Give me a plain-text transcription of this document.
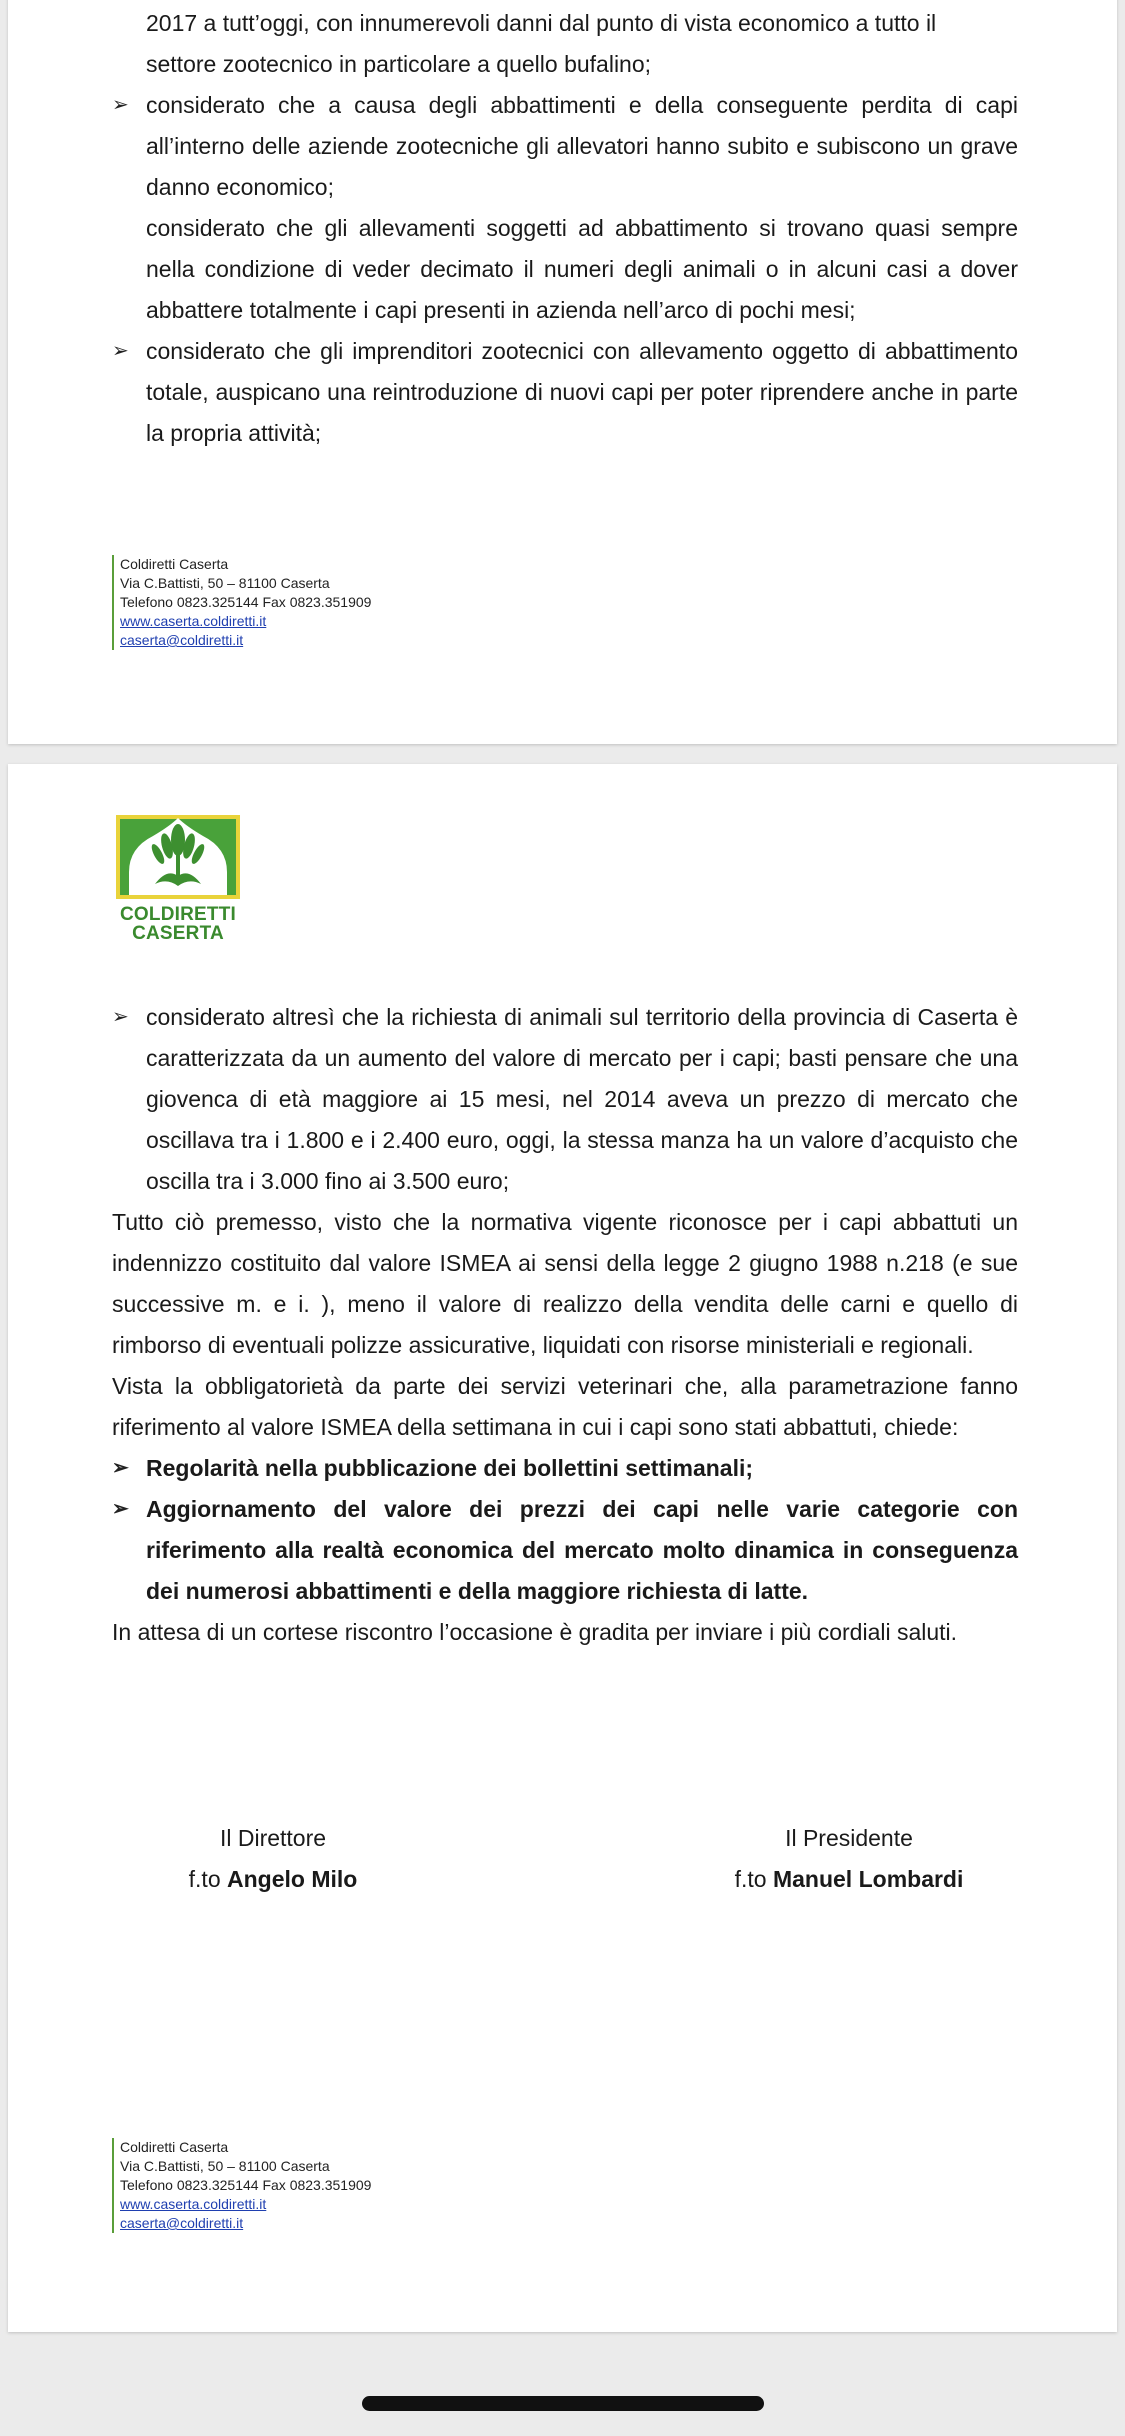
2017 a tutt’oggi, con innumerevoli danni dal punto di vista economico a tutto il
settore zootecnico in particolare a quello bufalino;

➢ considerato che a causa degli abbattimenti e della conseguente perdita di capi all’interno delle aziende zootecniche gli allevatori hanno subito e subiscono un grave danno economico;

considerato che gli allevamenti soggetti ad abbattimento si trovano quasi sempre nella condizione di veder decimato il numeri degli animali o in alcuni casi a dover abbattere totalmente i capi presenti in azienda nell’arco di pochi mesi;

➢ considerato che gli imprenditori zootecnici con allevamento oggetto di abbattimento totale, auspicano una reintroduzione di nuovi capi per poter riprendere anche in parte la propria attività;

Coldiretti Caserta
Via C.Battisti, 50 – 81100 Caserta
Telefono 0823.325144 Fax 0823.351909
www.caserta.coldiretti.it
caserta@coldiretti.it
COLDIRETTI
CASERTA

➢ considerato altresì che la richiesta di animali sul territorio della provincia di Caserta è caratterizzata da un aumento del valore di mercato per i capi; basti pensare che una giovenca di età maggiore ai 15 mesi, nel 2014 aveva un prezzo di mercato che oscillava tra i 1.800 e i 2.400 euro, oggi, la stessa manza ha un valore d’acquisto che oscilla tra i 3.000 fino ai 3.500 euro;

Tutto ciò premesso, visto che la normativa vigente riconosce per i capi abbattuti un indennizzo costituito dal valore ISMEA ai sensi della legge 2 giugno 1988 n.218 (e sue successive m. e i. ), meno il valore di realizzo della vendita delle carni e quello di rimborso di eventuali polizze assicurative, liquidati con risorse ministeriali e regionali.

Vista la obbligatorietà da parte dei servizi veterinari che, alla parametrazione fanno riferimento al valore ISMEA della settimana in cui i capi sono stati abbattuti, chiede:

➢ Regolarità nella pubblicazione dei bollettini settimanali;

➢ Aggiornamento del valore dei prezzi dei capi nelle varie categorie con riferimento alla realtà economica del mercato molto dinamica in conseguenza dei numerosi abbattimenti e della maggiore richiesta di latte.

In attesa di un cortese riscontro l’occasione è gradita per inviare i più cordiali saluti.

Il Direttore
f.to Angelo Milo
Il Presidente
f.to Manuel Lombardi
Coldiretti Caserta
Via C.Battisti, 50 – 81100 Caserta
Telefono 0823.325144 Fax 0823.351909
www.caserta.coldiretti.it
caserta@coldiretti.it
